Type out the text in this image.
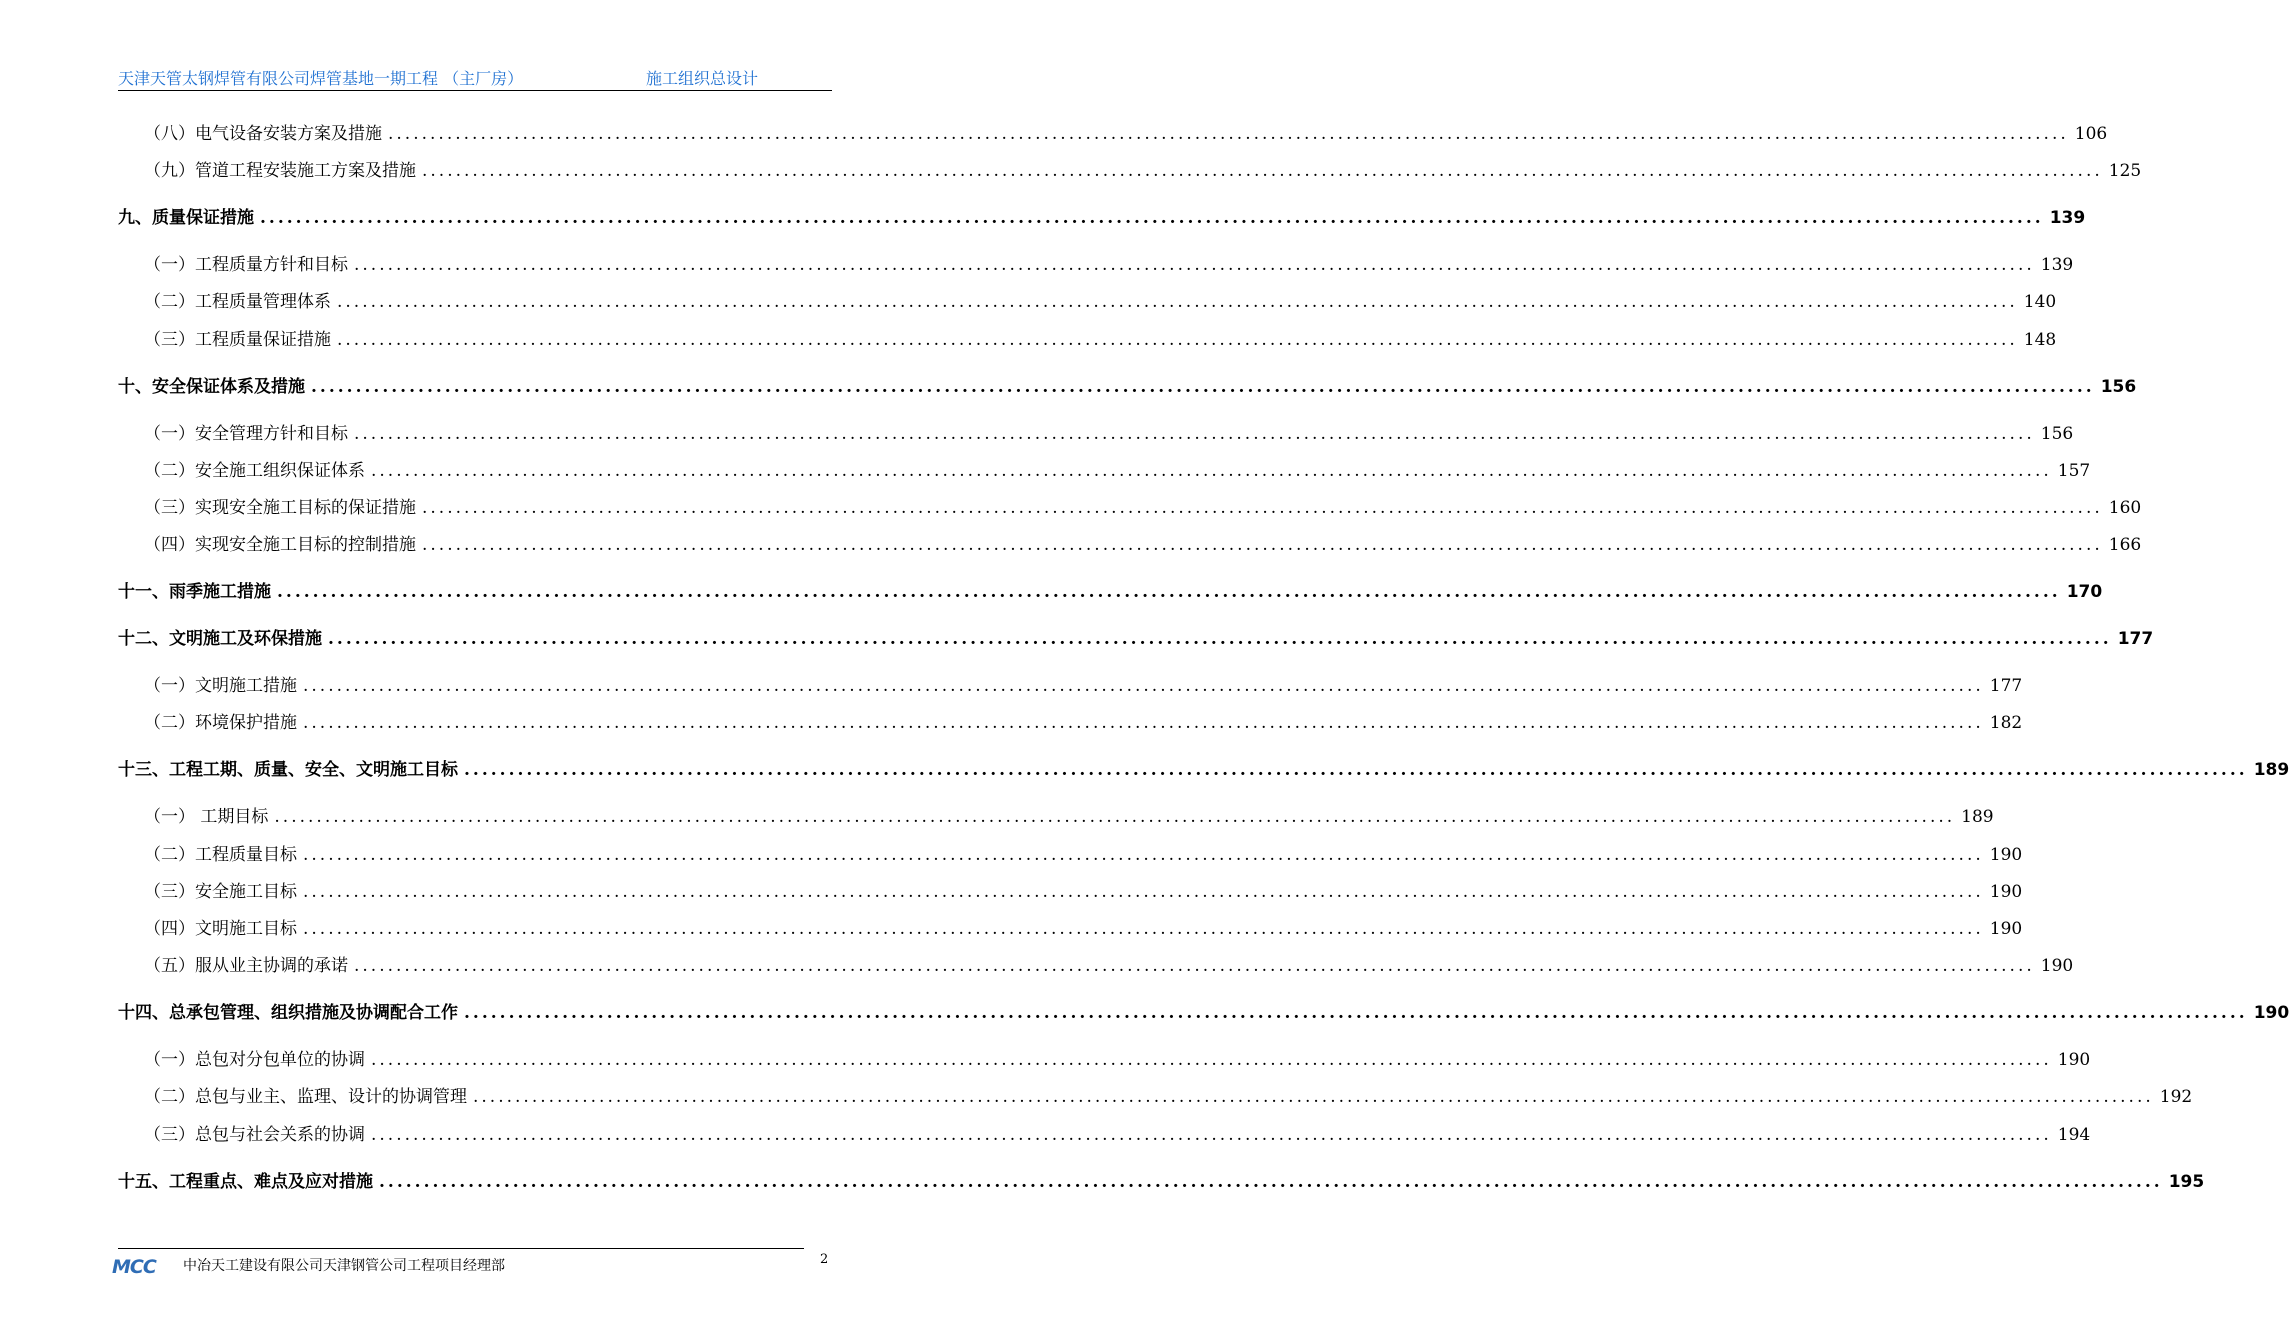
天津天管太钢焊管有限公司焊管基地一期工程 （主厂房）	施工组织总设计
（八）电气设备安装方案及措施 ........................................................................................................................................................................................................ 106
（九）管道工程安装施工方案及措施 ........................................................................................................................................................................................................ 125
九、质量保证措施 ........................................................................................................................................................................................................ 139
（一）工程质量方针和目标 ........................................................................................................................................................................................................ 139
（二）工程质量管理体系 ........................................................................................................................................................................................................ 140
（三）工程质量保证措施 ........................................................................................................................................................................................................ 148
十、安全保证体系及措施 ........................................................................................................................................................................................................ 156
（一）安全管理方针和目标 ........................................................................................................................................................................................................ 156
（二）安全施工组织保证体系 ........................................................................................................................................................................................................ 157
（三）实现安全施工目标的保证措施 ........................................................................................................................................................................................................ 160
（四）实现安全施工目标的控制措施 ........................................................................................................................................................................................................ 166
十一、雨季施工措施 ........................................................................................................................................................................................................ 170
十二、文明施工及环保措施 ........................................................................................................................................................................................................ 177
（一）文明施工措施 ........................................................................................................................................................................................................ 177
（二）环境保护措施 ........................................................................................................................................................................................................ 182
十三、工程工期、质量、安全、文明施工目标 ........................................................................................................................................................................................................ 189
（一） 工期目标 ........................................................................................................................................................................................................ 189
（二）工程质量目标 ........................................................................................................................................................................................................ 190
（三）安全施工目标 ........................................................................................................................................................................................................ 190
（四）文明施工目标 ........................................................................................................................................................................................................ 190
（五）服从业主协调的承诺 ........................................................................................................................................................................................................ 190
十四、总承包管理、组织措施及协调配合工作 ........................................................................................................................................................................................................ 190
（一）总包对分包单位的协调 ........................................................................................................................................................................................................ 190
（二）总包与业主、监理、设计的协调管理 ........................................................................................................................................................................................................ 192
（三）总包与社会关系的协调 ........................................................................................................................................................................................................ 194
十五、工程重点、难点及应对措施 ........................................................................................................................................................................................................ 195
MCC	中冶天工建设有限公司天津钢管公司工程项目经理部	2
